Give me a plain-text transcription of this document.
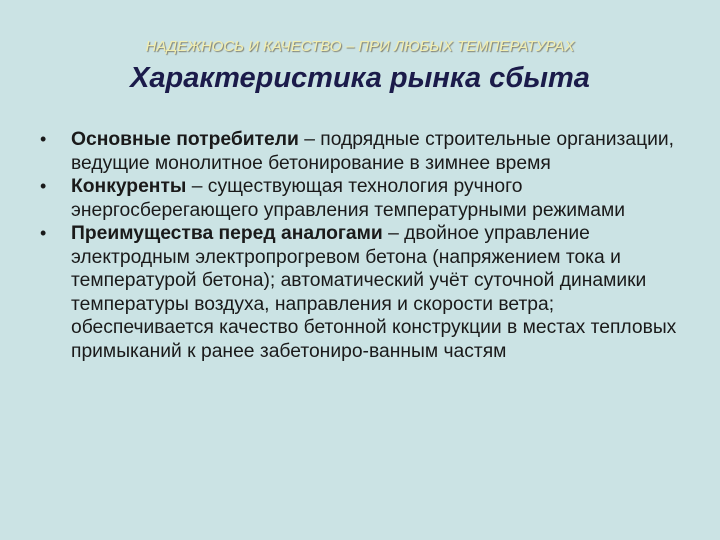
НАДЕЖНОСЬ И КАЧЕСТВО – ПРИ ЛЮБЫХ ТЕМПЕРАТУРАХ
Характеристика рынка сбыта
• Основные потребители – подрядные строительные организации, ведущие монолитное бетонирование в зимнее время
• Конкуренты – существующая технология ручного энергосберегающего управления температурными режимами
• Преимущества перед аналогами – двойное управление электродным электропрогревом бетона (напряжением тока и температурой бетона); автоматический учёт суточной динамики температуры воздуха, направления и скорости ветра; обеспечивается качество бетонной конструкции в местах тепловых примыканий к ранее забетониро-ванным частям
